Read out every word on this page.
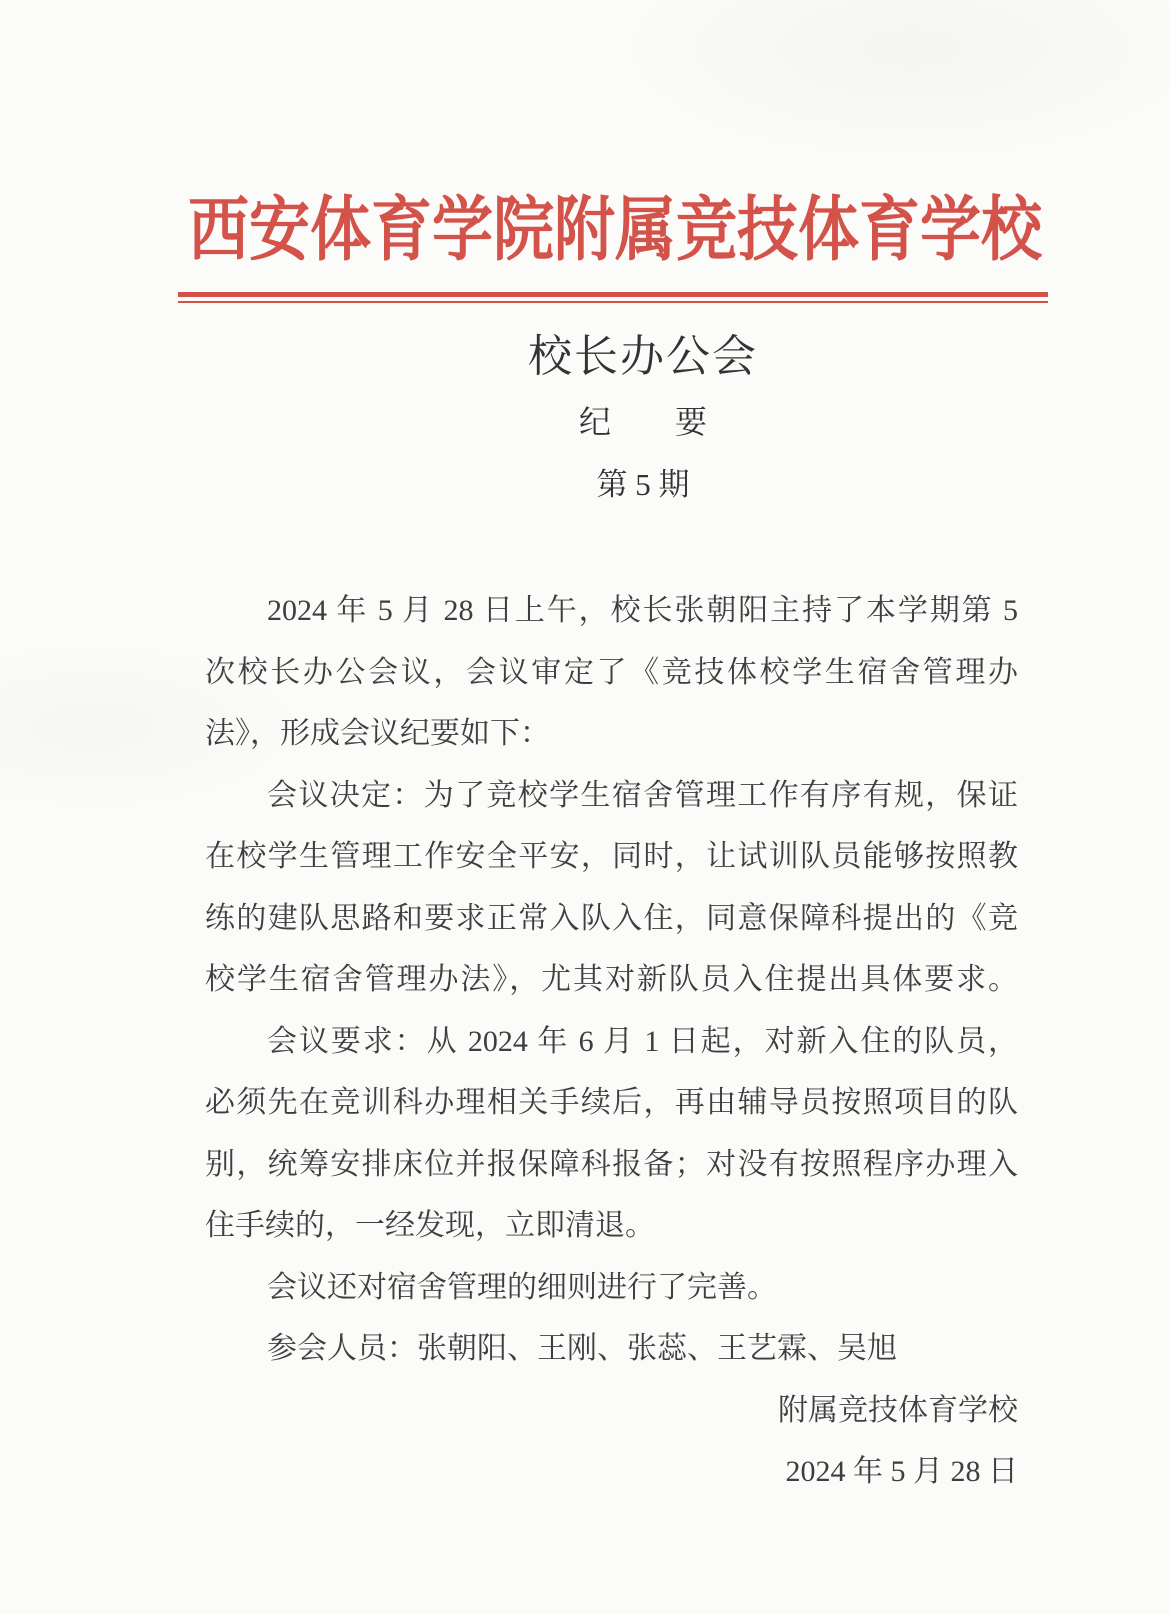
西安体育学院附属竞技体育学校
校长办公会
纪　　要
第 5 期
2024 年 5 月 28 日上午，校长张朝阳主持了本学期第 5
次校长办公会议，会议审定了《竞技体校学生宿舍管理办
法》，形成会议纪要如下：
会议决定：为了竞校学生宿舍管理工作有序有规，保证
在校学生管理工作安全平安，同时，让试训队员能够按照教
练的建队思路和要求正常入队入住，同意保障科提出的《竞
校学生宿舍管理办法》，尤其对新队员入住提出具体要求。
会议要求：从 2024 年 6 月 1 日起，对新入住的队员，
必须先在竞训科办理相关手续后，再由辅导员按照项目的队
别，统筹安排床位并报保障科报备；对没有按照程序办理入
住手续的，一经发现，立即清退。
会议还对宿舍管理的细则进行了完善。
参会人员：张朝阳、王刚、张蕊、王艺霖、吴旭
附属竞技体育学校
2024 年 5 月 28 日
